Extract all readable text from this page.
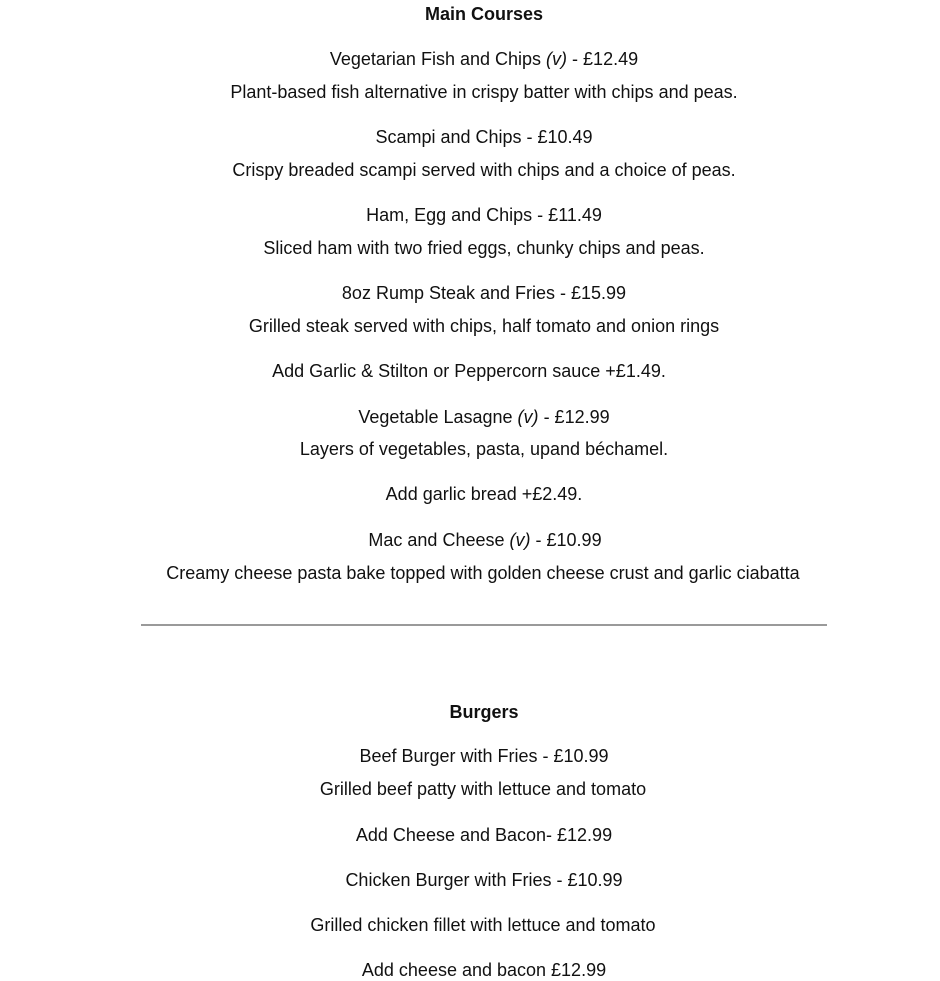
Main Courses
Vegetarian Fish and Chips (v) - £12.49
Plant-based fish alternative in crispy batter with chips and peas.
Scampi and Chips - £10.49
Crispy breaded scampi served with chips and a choice of peas.
Ham, Egg and Chips - £11.49
Sliced ham with two fried eggs, chunky chips and peas.
8oz Rump Steak and Fries - £15.99
Grilled steak served with chips, half tomato and onion rings
Add Garlic & Stilton or Peppercorn sauce +£1.49.
Vegetable Lasagne (v) - £12.99
Layers of vegetables, pasta, upand béchamel.
Add garlic bread +£2.49.
Mac and Cheese (v) - £10.99
Creamy cheese pasta bake topped with golden cheese crust and garlic ciabatta
Burgers
Beef Burger with Fries - £10.99
Grilled beef patty with lettuce and tomato
Add Cheese and Bacon- £12.99
Chicken Burger with Fries - £10.99
Grilled chicken fillet with lettuce and tomato
Add cheese and bacon £12.99
